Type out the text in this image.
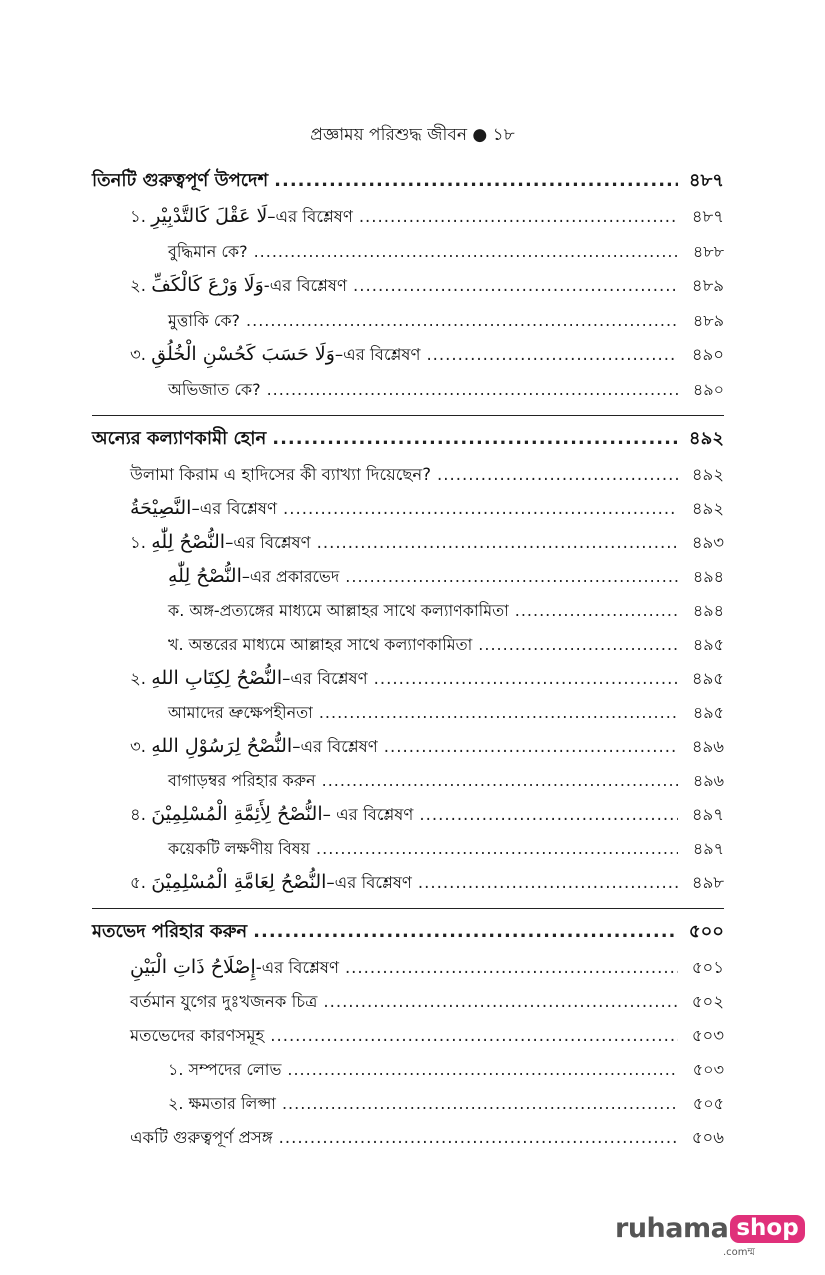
প্রজ্ঞাময় পরিশুদ্ধ জীবন ● ১৮
তিনটি গুরুত্বপূর্ণ উপদেশ .....	৪৮৭
১. لَا عَقْلَ كَالتَّدْبِيْرِ–এর বিশ্লেষণ .....	৪৮৭
বুদ্ধিমান কে? .....	৪৮৮
২. وَلَا وَرْعَ كَالْكَفِّ-এর বিশ্লেষণ .....	৪৮৯
মুত্তাকি কে? .....	৪৮৯
৩. وَلَا حَسَبَ كَحُسْنِ الْخُلُقِ–এর বিশ্লেষণ .....	৪৯০
অভিজাত কে? .....	৪৯০
অন্যের কল্যাণকামী হোন .....	৪৯২
উলামা কিরাম এ হাদিসের কী ব্যাখ্যা দিয়েছেন? .....	৪৯২
النَّصِيْحَةُ–এর বিশ্লেষণ .....	৪৯২
১. النُّصْحُ لِلّٰهِ–এর বিশ্লেষণ .....	৪৯৩
النُّصْحُ لِلّٰهِ–এর প্রকারভেদ .....	৪৯৪
ক. অঙ্গ-প্রত্যঙ্গের মাধ্যমে আল্লাহর সাথে কল্যাণকামিতা .....	৪৯৪
খ. অন্তরের মাধ্যমে আল্লাহর সাথে কল্যাণকামিতা .....	৪৯৫
২. النُّصْحُ لِكِتَابِ اللهِ–এর বিশ্লেষণ .....	৪৯৫
আমাদের ভ্রুক্ষেপহীনতা .....	৪৯৫
৩. النُّصْحُ لِرَسُوْلِ اللهِ–এর বিশ্লেষণ .....	৪৯৬
বাগাড়ম্বর পরিহার করুন .....	৪৯৬
৪. النُّصْحُ لِأَئِمَّةِ الْمُسْلِمِيْنَ– এর বিশ্লেষণ .....	৪৯৭
কয়েকটি লক্ষণীয় বিষয় .....	৪৯৭
৫. النُّصْحُ لِعَامَّةِ الْمُسْلِمِيْنَ–এর বিশ্লেষণ .....	৪৯৮
মতভেদ পরিহার করুন .....	৫০০
إِصْلَاحُ ذَاتِ الْبَيْنِ-এর বিশ্লেষণ .....	৫০১
বর্তমান যুগের দুঃখজনক চিত্র .....	৫০২
মতভেদের কারণসমূহ .....	৫০৩
১. সম্পদের লোভ .....	৫০৩
২. ক্ষমতার লিপ্সা .....	৫০৫
একটি গুরুত্বপূর্ণ প্রসঙ্গ .....	৫০৬
ruhama shop
.comম্ম
